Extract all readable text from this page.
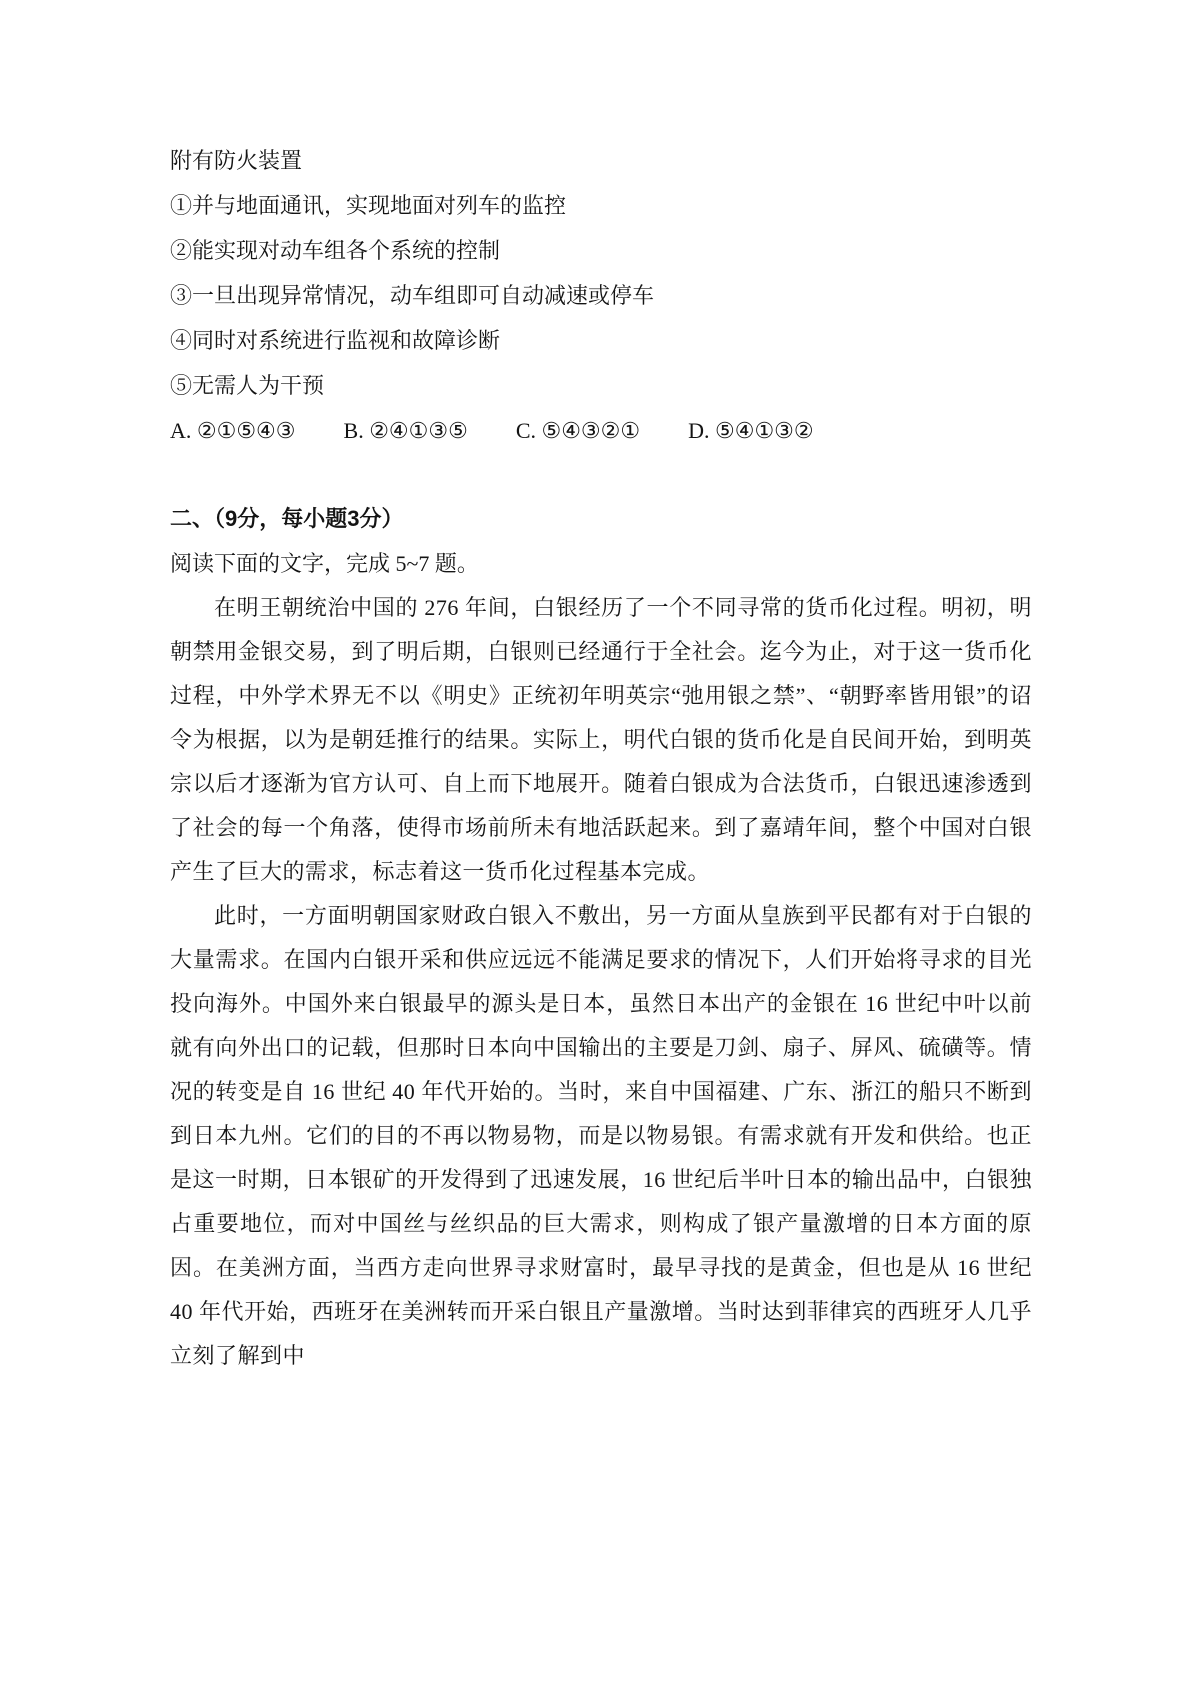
附有防火装置
①并与地面通讯，实现地面对列车的监控
②能实现对动车组各个系统的控制
③一旦出现异常情况，动车组即可自动减速或停车
④同时对系统进行监视和故障诊断
⑤无需人为干预
A. ②①⑤④③ B. ②④①③⑤ C. ⑤④③②① D. ⑤④①③②
二、（9分，每小题3分）
阅读下面的文字，完成 5~7 题。

在明王朝统治中国的 276 年间，白银经历了一个不同寻常的货币化过程。明初，明朝禁用金银交易，到了明后期，白银则已经通行于全社会。迄今为止，对于这一货币化过程，中外学术界无不以《明史》正统初年明英宗“弛用银之禁”、“朝野率皆用银”的诏令为根据，以为是朝廷推行的结果。实际上，明代白银的货币化是自民间开始，到明英宗以后才逐渐为官方认可、自上而下地展开。随着白银成为合法货币，白银迅速渗透到了社会的每一个角落，使得市场前所未有地活跃起来。到了嘉靖年间，整个中国对白银产生了巨大的需求，标志着这一货币化过程基本完成。

此时，一方面明朝国家财政白银入不敷出，另一方面从皇族到平民都有对于白银的大量需求。在国内白银开采和供应远远不能满足要求的情况下，人们开始将寻求的目光投向海外。中国外来白银最早的源头是日本，虽然日本出产的金银在 16 世纪中叶以前就有向外出口的记载，但那时日本向中国输出的主要是刀剑、扇子、屏风、硫磺等。情况的转变是自 16 世纪 40 年代开始的。当时，来自中国福建、广东、浙江的船只不断到到日本九州。它们的目的不再以物易物，而是以物易银。有需求就有开发和供给。也正是这一时期，日本银矿的开发得到了迅速发展，16 世纪后半叶日本的输出品中，白银独占重要地位，而对中国丝与丝织品的巨大需求，则构成了银产量激增的日本方面的原因。在美洲方面，当西方走向世界寻求财富时，最早寻找的是黄金，但也是从 16 世纪 40 年代开始，西班牙在美洲转而开采白银且产量激增。当时达到菲律宾的西班牙人几乎立刻了解到中
